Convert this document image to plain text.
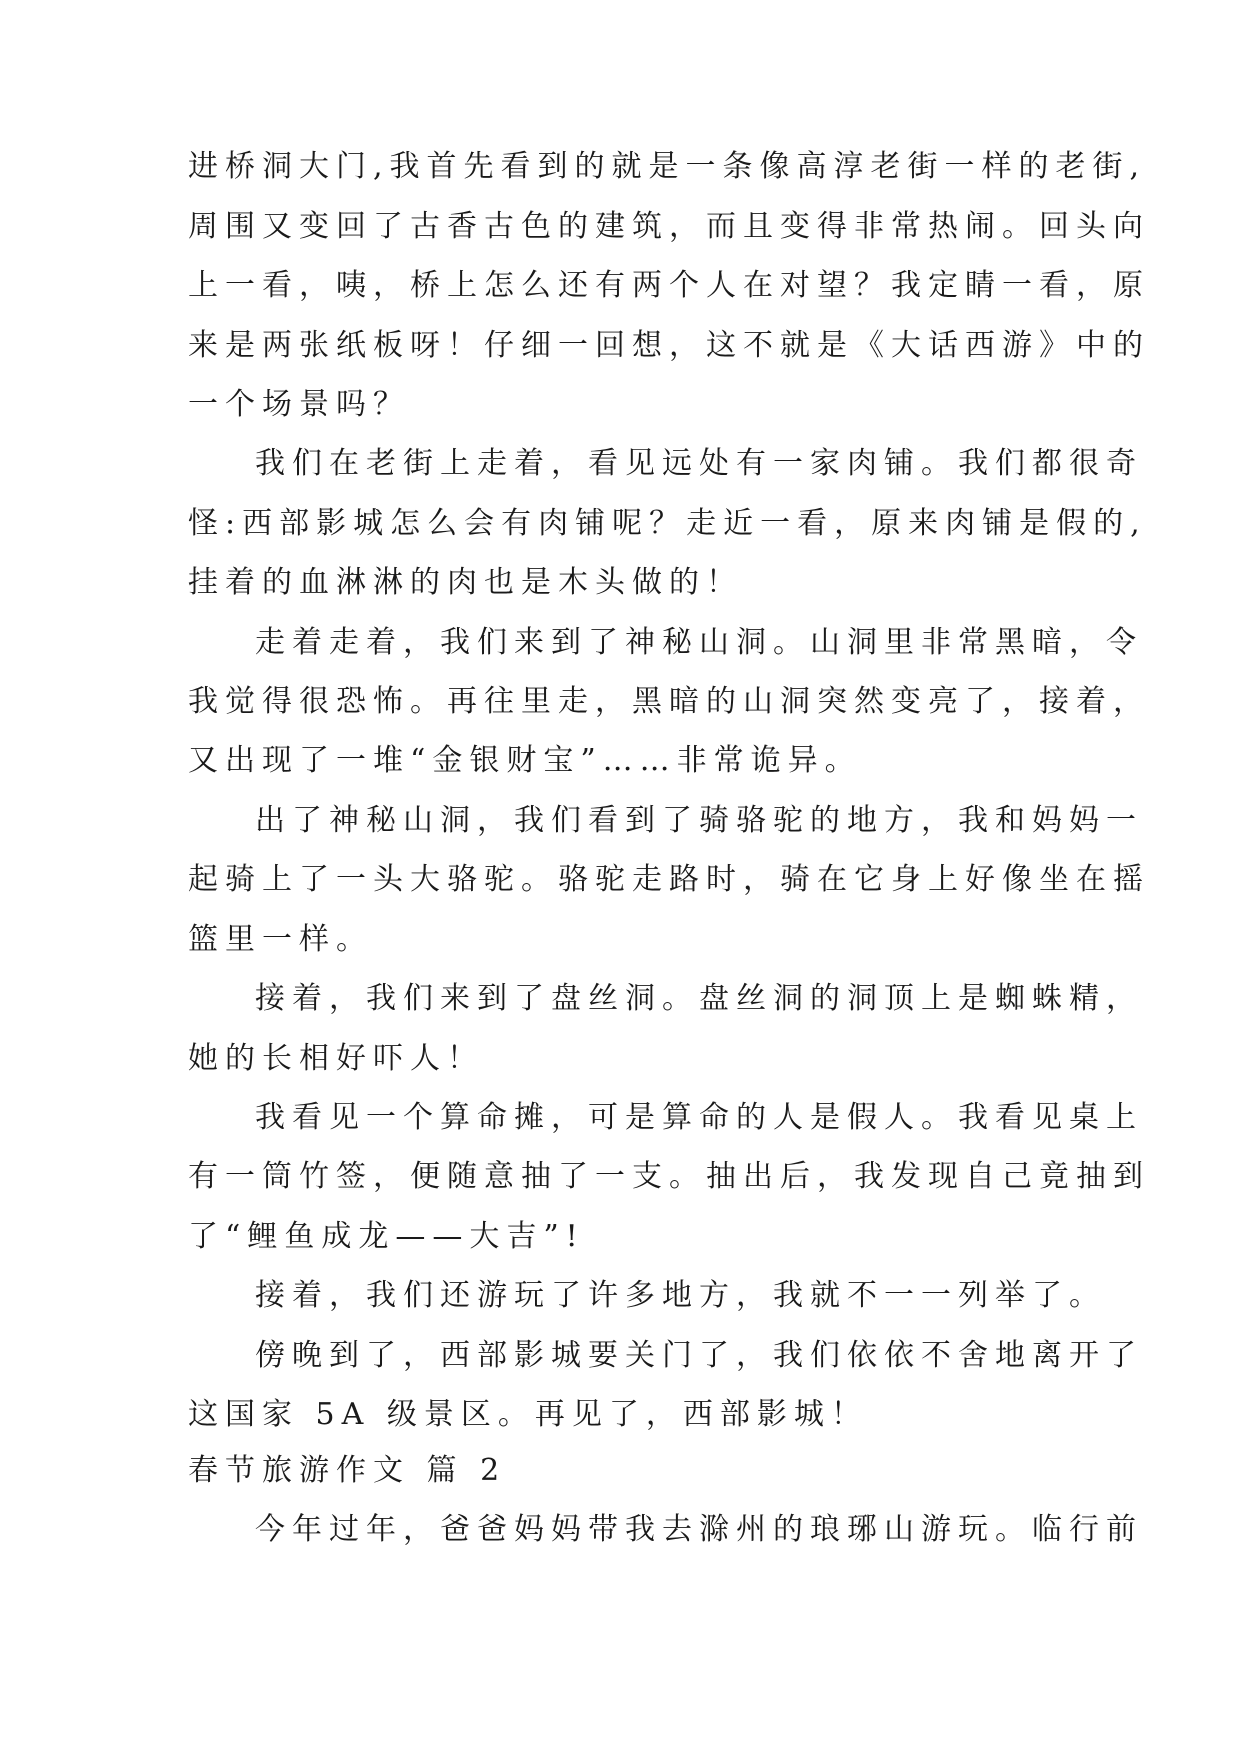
进桥洞大门,我首先看到的就是一条像高淳老街一样的老街,
周围又变回了古香古色的建筑，而且变得非常热闹。回头向
上一看，咦，桥上怎么还有两个人在对望？我定睛一看，原
来是两张纸板呀！仔细一回想，这不就是《大话西游》中的
一个场景吗？
我们在老街上走着，看见远处有一家肉铺。我们都很奇
怪:西部影城怎么会有肉铺呢？走近一看，原来肉铺是假的,
挂着的血淋淋的肉也是木头做的！
走着走着，我们来到了神秘山洞。山洞里非常黑暗，令
我觉得很恐怖。再往里走，黑暗的山洞突然变亮了，接着，
又出现了一堆“金银财宝”……非常诡异。
出了神秘山洞，我们看到了骑骆驼的地方，我和妈妈一
起骑上了一头大骆驼。骆驼走路时，骑在它身上好像坐在摇
篮里一样。
接着，我们来到了盘丝洞。盘丝洞的洞顶上是蜘蛛精，
她的长相好吓人！
我看见一个算命摊，可是算命的人是假人。我看见桌上
有一筒竹签，便随意抽了一支。抽出后，我发现自己竟抽到
了“鲤鱼成龙——大吉”!
接着，我们还游玩了许多地方，我就不一一列举了。
傍晚到了，西部影城要关门了，我们依依不舍地离开了
这国家 5A 级景区。再见了，西部影城！
春节旅游作文 篇 2
今年过年，爸爸妈妈带我去滁州的琅琊山游玩。临行前
